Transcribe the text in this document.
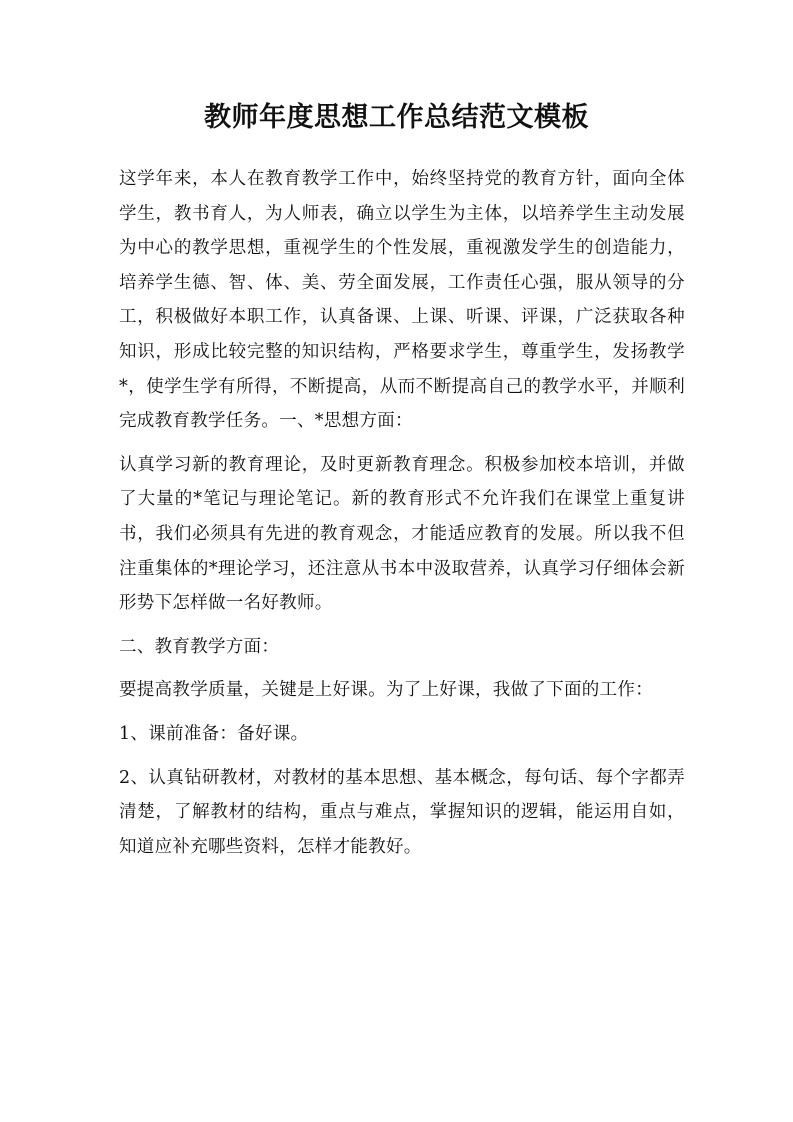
教师年度思想工作总结范文模板

这学年来，本人在教育教学工作中，始终坚持党的教育方针，面向全体学生，教书育人，为人师表，确立以学生为主体，以培养学生主动发展为中心的教学思想，重视学生的个性发展，重视激发学生的创造能力，培养学生德、智、体、美、劳全面发展，工作责任心强，服从领导的分工，积极做好本职工作，认真备课、上课、听课、评课，广泛获取各种知识，形成比较完整的知识结构，严格要求学生，尊重学生，发扬教学*，使学生学有所得，不断提高，从而不断提高自己的教学水平，并顺利完成教育教学任务。一、*思想方面：

认真学习新的教育理论，及时更新教育理念。积极参加校本培训，并做了大量的*笔记与理论笔记。新的教育形式不允许我们在课堂上重复讲书，我们必须具有先进的教育观念，才能适应教育的发展。所以我不但注重集体的*理论学习，还注意从书本中汲取营养，认真学习仔细体会新形势下怎样做一名好教师。

二、教育教学方面：

要提高教学质量，关键是上好课。为了上好课，我做了下面的工作：

1、课前准备：备好课。

2、认真钻研教材，对教材的基本思想、基本概念，每句话、每个字都弄清楚，了解教材的结构，重点与难点，掌握知识的逻辑，能运用自如，知道应补充哪些资料，怎样才能教好。
